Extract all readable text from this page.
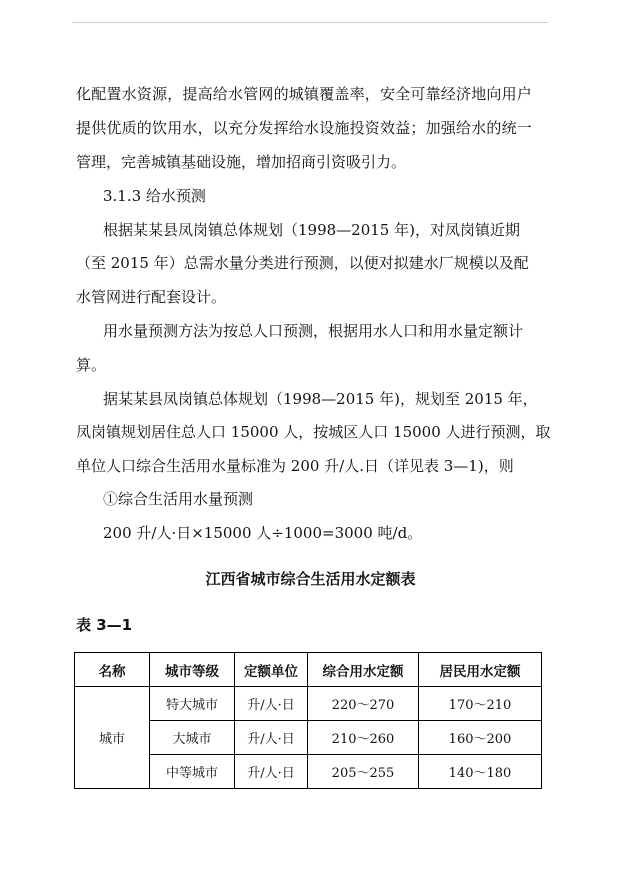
化配置水资源，提高给水管网的城镇覆盖率，安全可靠经济地向用户
提供优质的饮用水，以充分发挥给水设施投资效益；加强给水的统一
管理，完善城镇基础设施，增加招商引资吸引力。
3.1.3 给水预测
根据某某县凤岗镇总体规划（1998—2015 年)，对凤岗镇近期
（至 2015 年）总需水量分类进行预测，以便对拟建水厂规模以及配
水管网进行配套设计。
用水量预测方法为按总人口预测，根据用水人口和用水量定额计
算。
据某某县凤岗镇总体规划（1998—2015 年)，规划至 2015 年，
凤岗镇规划居住总人口 15000 人，按城区人口 15000 人进行预测，取
单位人口综合生活用水量标准为 200 升/人.日（详见表 3—1)，则
①综合生活用水量预测
200 升/人·日×15000 人÷1000=3000 吨/d。
江西省城市综合生活用水定额表
表 3—1
名称	城市等级	定额单位	综合用水定额	居民用水定额
城市	特大城市	升/人·日	220～270	170～210
	大城市	升/人·日	210～260	160～200
	中等城市	升/人·日	205～255	140～180
